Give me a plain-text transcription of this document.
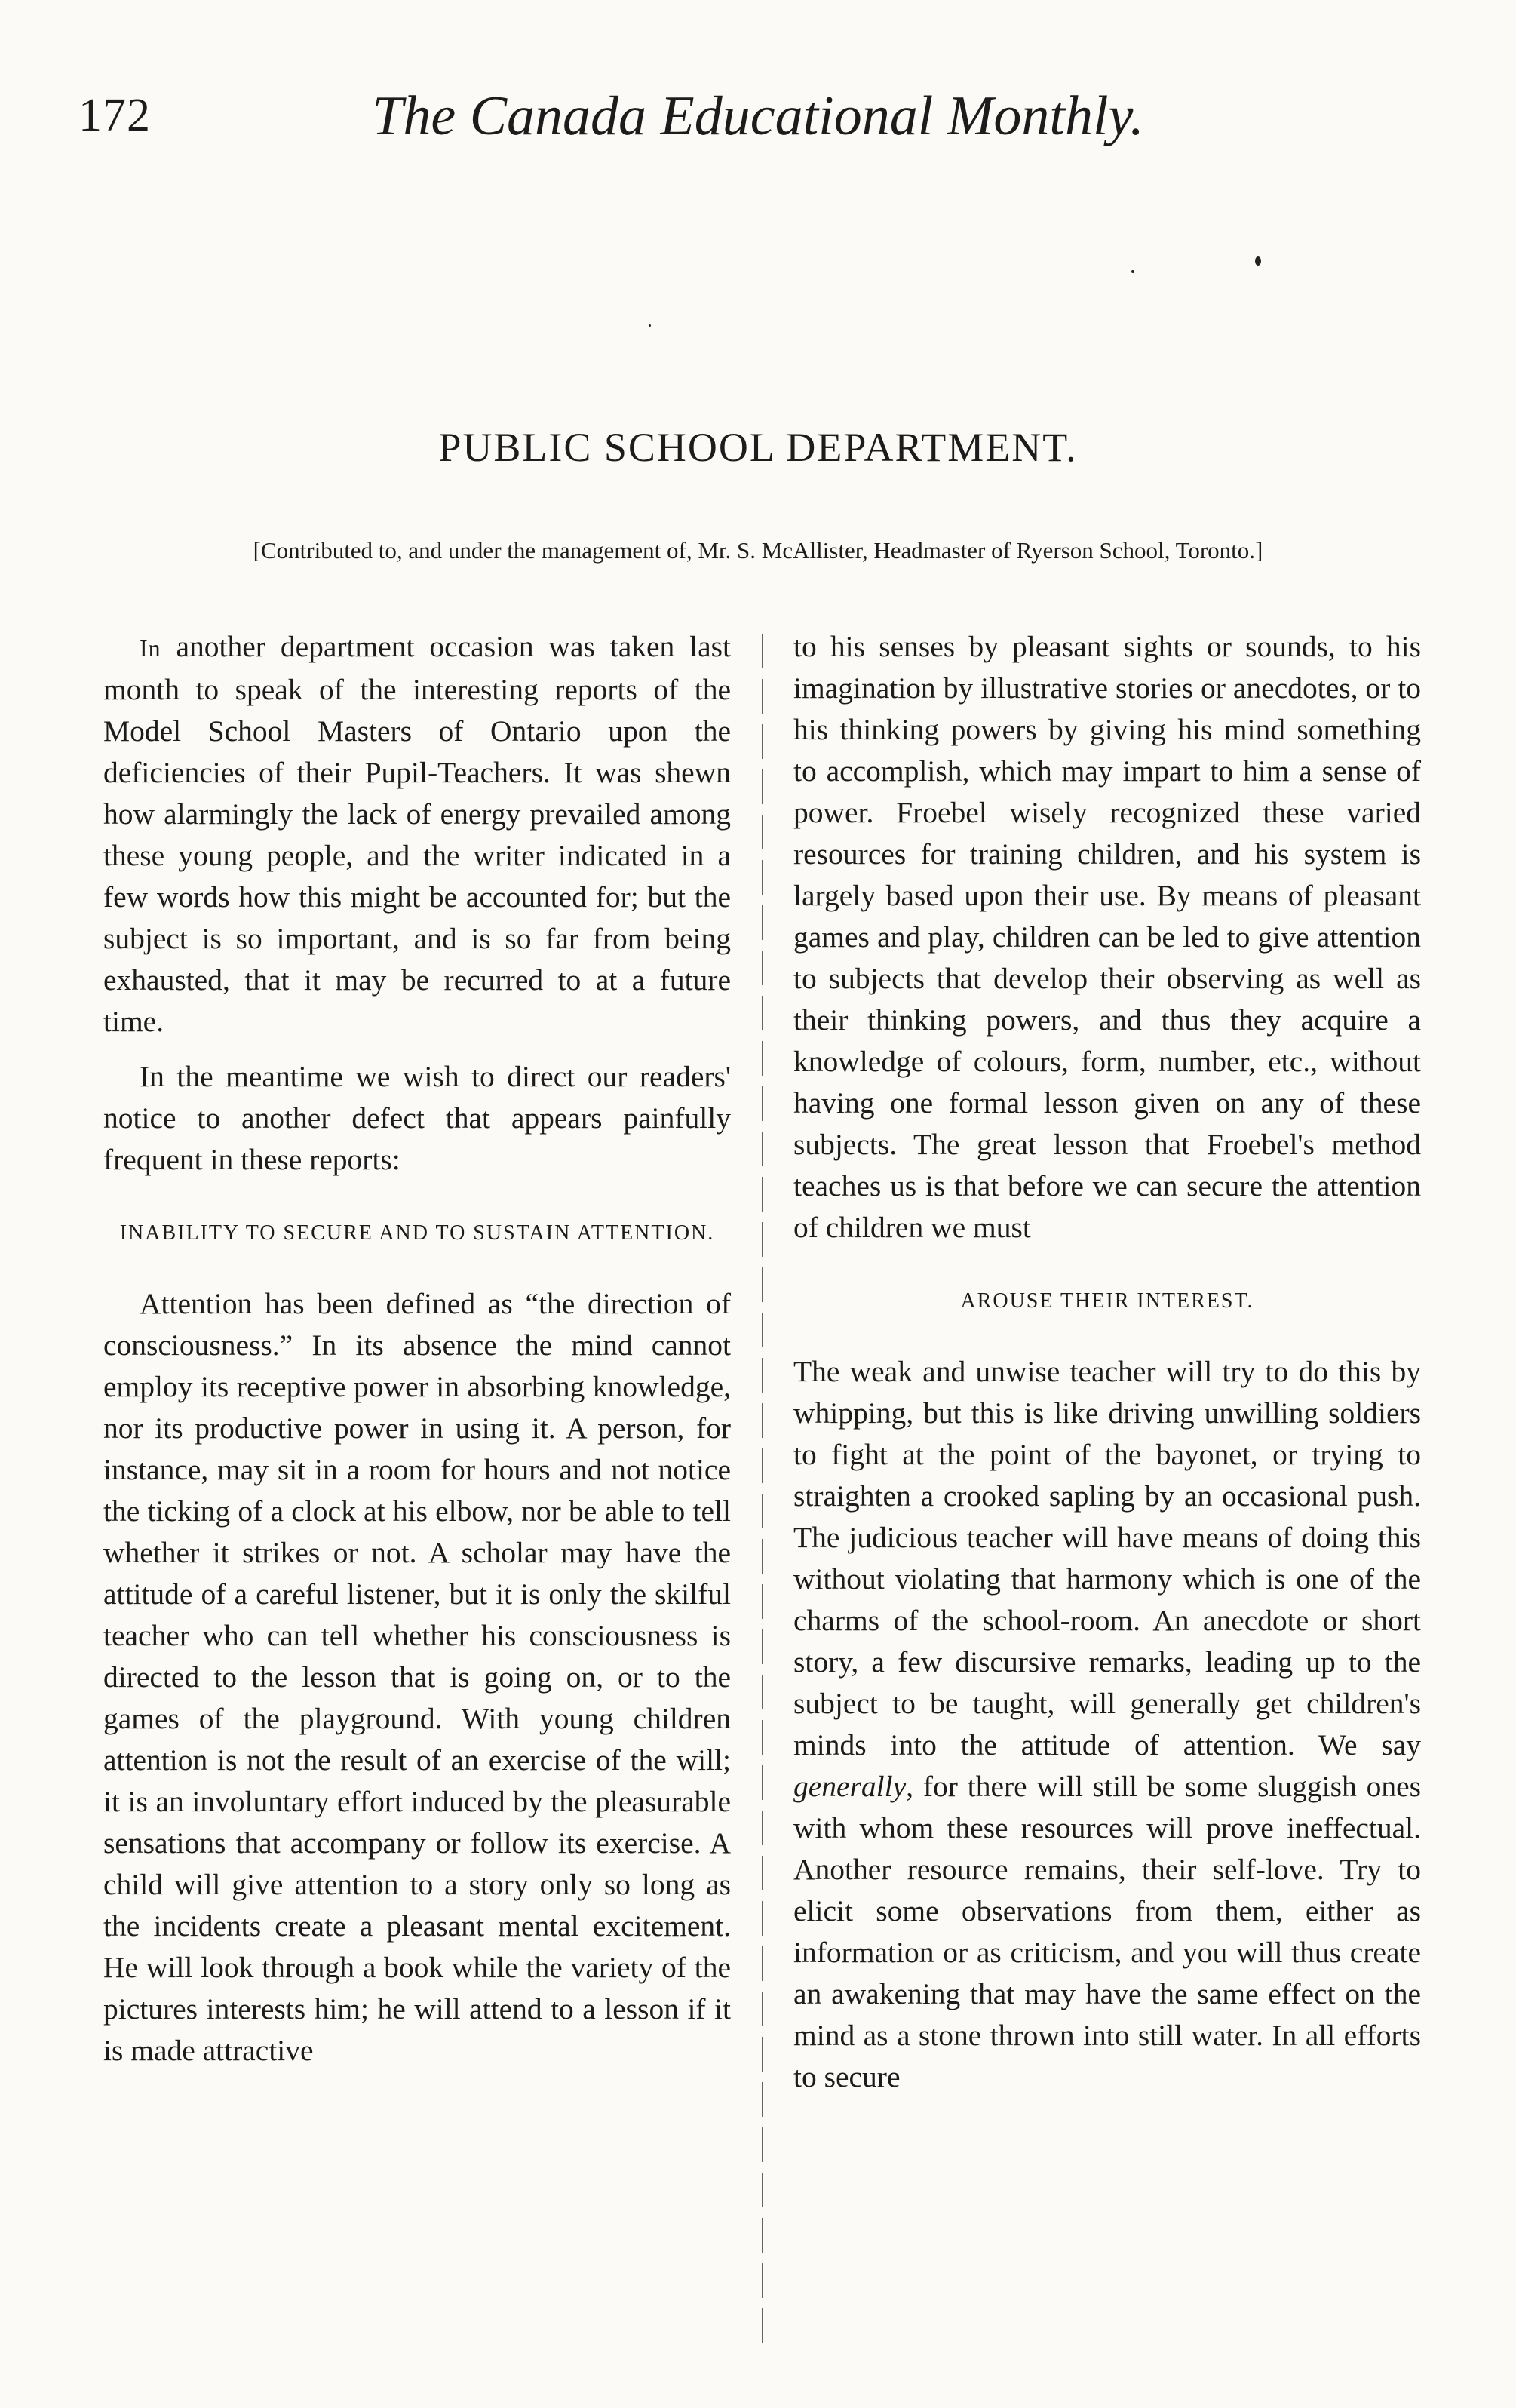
172	The Canada Educational Monthly.
PUBLIC SCHOOL DEPARTMENT.
[Contributed to, and under the management of, Mr. S. McAllister, Headmaster of Ryerson School, Toronto.]

In another department occasion was taken last month to speak of the interesting reports of the Model School Masters of Ontario upon the deficiencies of their Pupil-Teachers. It was shewn how alarmingly the lack of energy prevailed among these young people, and the writer indicated in a few words how this might be accounted for; but the subject is so important, and is so far from being exhausted, that it may be recurred to at a future time.

In the meantime we wish to direct our readers' notice to another defect that appears painfully frequent in these reports:

INABILITY TO SECURE AND TO SUSTAIN ATTENTION.

Attention has been defined as “the direction of consciousness.” In its absence the mind cannot employ its receptive power in absorbing knowledge, nor its productive power in using it. A person, for instance, may sit in a room for hours and not notice the ticking of a clock at his elbow, nor be able to tell whether it strikes or not. A scholar may have the attitude of a careful listener, but it is only the skilful teacher who can tell whether his consciousness is directed to the lesson that is going on, or to the games of the playground. With young children attention is not the result of an exercise of the will; it is an involuntary effort induced by the pleasurable sensations that accompany or follow its exercise. A child will give attention to a story only so long as the incidents create a pleasant mental excitement. He will look through a book while the variety of the pictures interests him; he will attend to a lesson if it is made attractive

to his senses by pleasant sights or sounds, to his imagination by illustrative stories or anecdotes, or to his thinking powers by giving his mind something to accomplish, which may impart to him a sense of power. Froebel wisely recognized these varied resources for training children, and his system is largely based upon their use. By means of pleasant games and play, children can be led to give attention to subjects that develop their observing as well as their thinking powers, and thus they acquire a knowledge of colours, form, number, etc., without having one formal lesson given on any of these subjects. The great lesson that Froebel's method teaches us is that before we can secure the attention of children we must

AROUSE THEIR INTEREST.

The weak and unwise teacher will try to do this by whipping, but this is like driving unwilling soldiers to fight at the point of the bayonet, or trying to straighten a crooked sapling by an occasional push. The judicious teacher will have means of doing this without violating that harmony which is one of the charms of the school-room. An anecdote or short story, a few discursive remarks, leading up to the subject to be taught, will generally get children's minds into the attitude of attention. We say generally, for there will still be some sluggish ones with whom these resources will prove ineffectual. Another resource remains, their self-love. Try to elicit some observations from them, either as information or as criticism, and you will thus create an awakening that may have the same effect on the mind as a stone thrown into still water. In all efforts to secure
